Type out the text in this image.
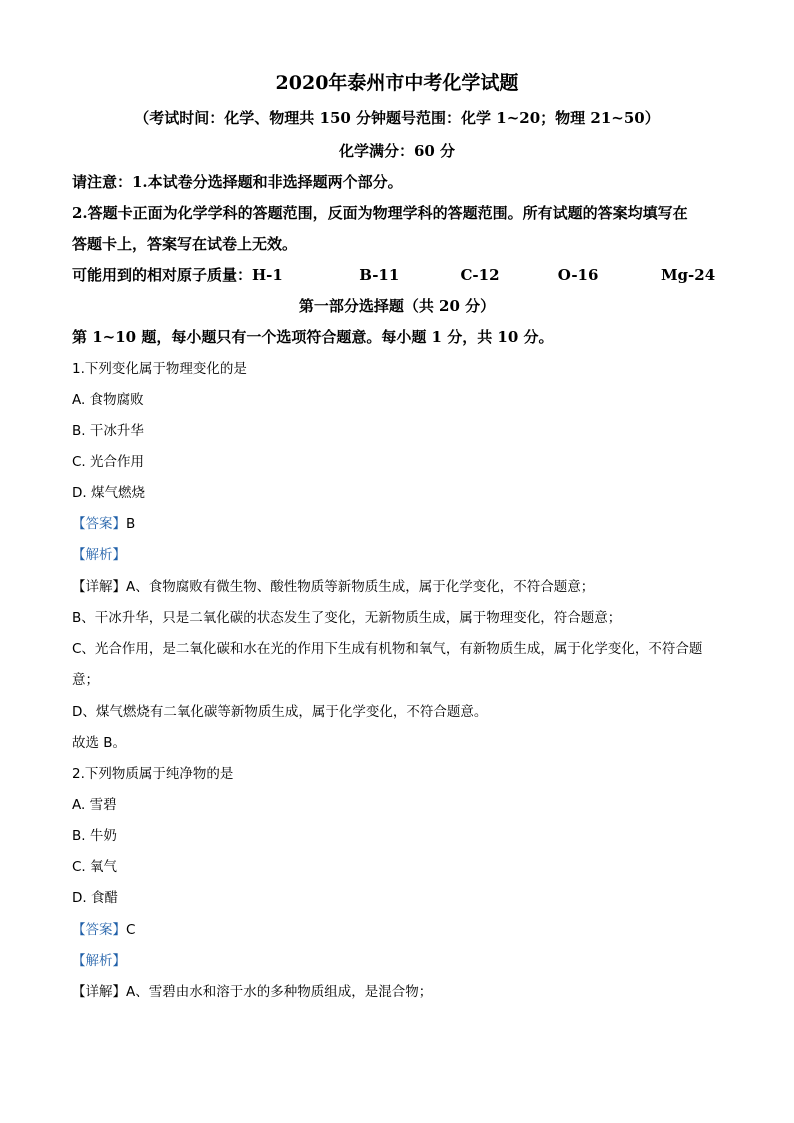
2020年泰州市中考化学试题
（考试时间：化学、物理共 150 分钟题号范围：化学 1~20；物理 21~50）
化学满分：60 分
请注意：1.本试卷分选择题和非选择题两个部分。
2.答题卡正面为化学学科的答题范围，反面为物理学科的答题范围。所有试题的答案均填写在
答题卡上，答案写在试卷上无效。
可能用到的相对原子质量：H-1	B-11	C-12	O-16	Mg-24
第一部分选择题（共 20 分）
第 1~10 题，每小题只有一个选项符合题意。每小题 1 分，共 10 分。
1.下列变化属于物理变化的是
A. 食物腐败
B. 干冰升华
C. 光合作用
D. 煤气燃烧
【答案】B
【解析】
【详解】A、食物腐败有微生物、酸性物质等新物质生成，属于化学变化，不符合题意；
B、干冰升华，只是二氧化碳的状态发生了变化，无新物质生成，属于物理变化，符合题意；
C、光合作用，是二氧化碳和水在光的作用下生成有机物和氧气，有新物质生成，属于化学变化，不符合题
意；
D、煤气燃烧有二氧化碳等新物质生成，属于化学变化，不符合题意。
故选 B。
2.下列物质属于纯净物的是
A. 雪碧
B. 牛奶
C. 氧气
D. 食醋
【答案】C
【解析】
【详解】A、雪碧由水和溶于水的多种物质组成，是混合物；
